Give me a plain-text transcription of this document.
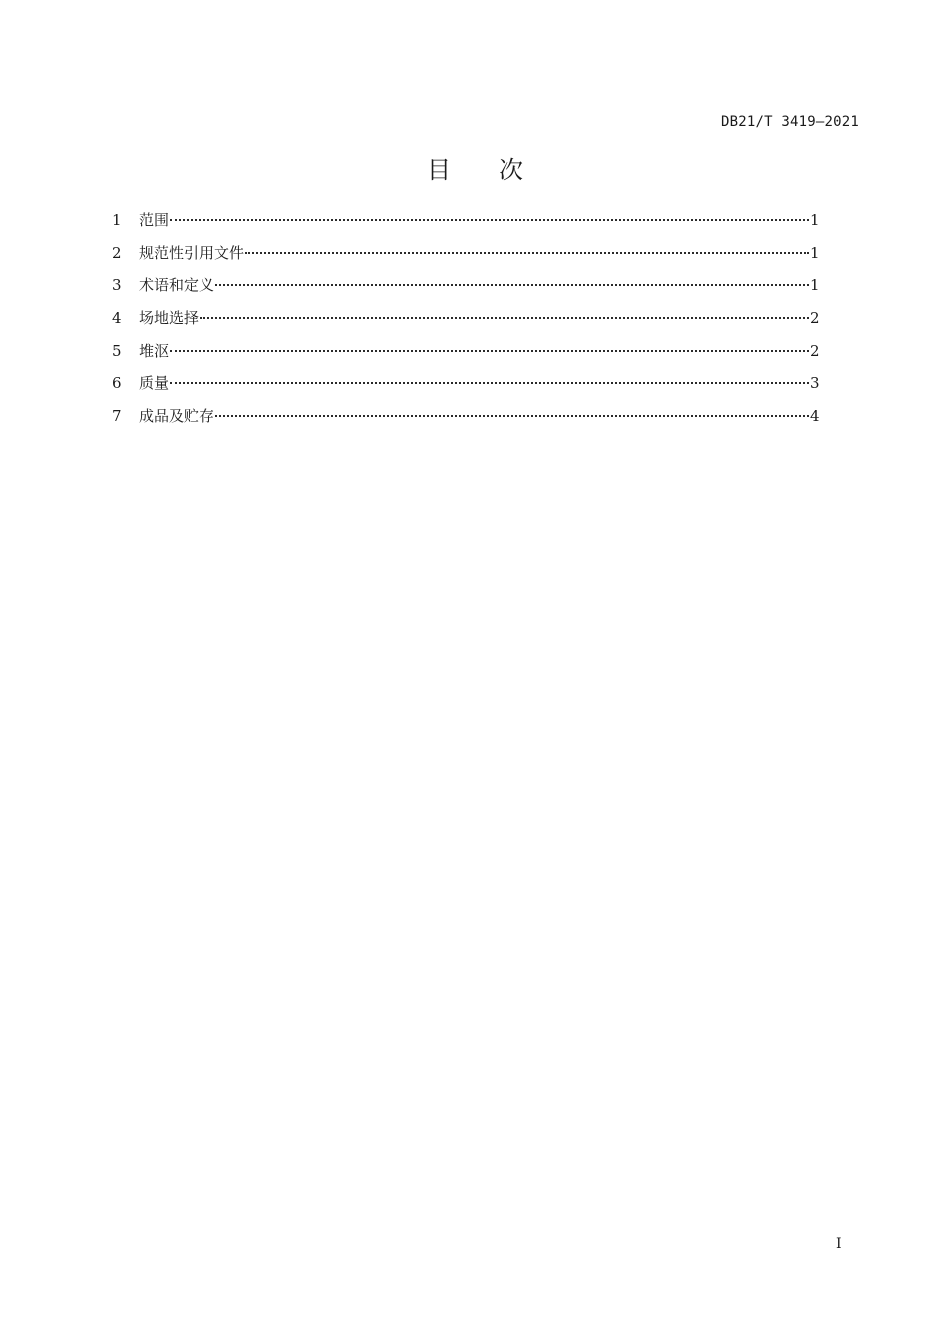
DB21/T 3419—2021
目次
1	范围	1
2	规范性引用文件	1
3	术语和定义	1
4	场地选择	2
5	堆沤	2
6	质量	3
7	成品及贮存	4
I
